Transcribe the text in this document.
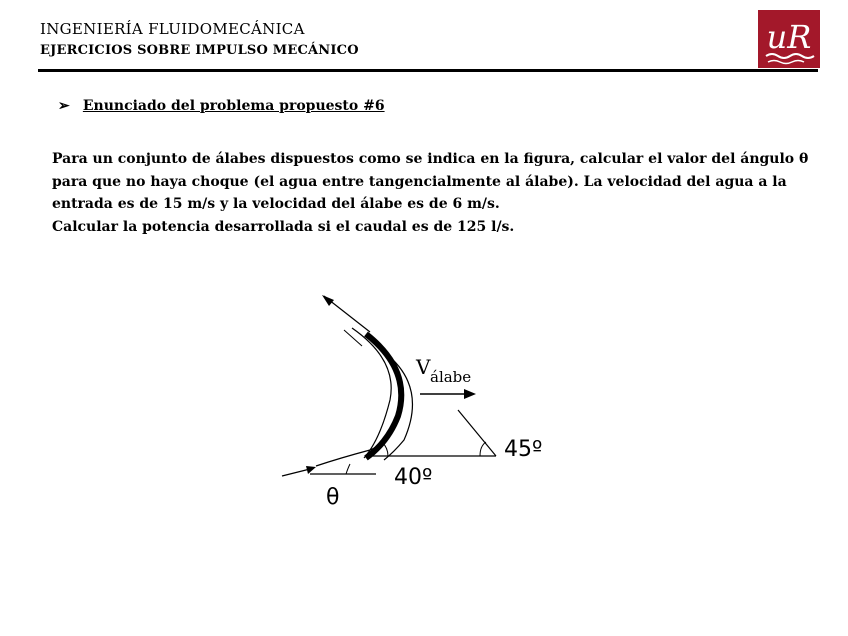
INGENIERÍA FLUIDOMECÁNICA
EJERCICIOS SOBRE IMPULSO MECÁNICO	uR
➢ Enunciado del problema propuesto #6

Para un conjunto de álabes dispuestos como se indica en la figura, calcular el valor del ángulo θ para que no haya choque (el agua entre tangencialmente al álabe). La velocidad del agua a la entrada es de 15 m/s y la velocidad del álabe es de 6 m/s.

Calcular la potencia desarrollada si el caudal es de 125 l/s.

V álabe
45º
40º
θ
